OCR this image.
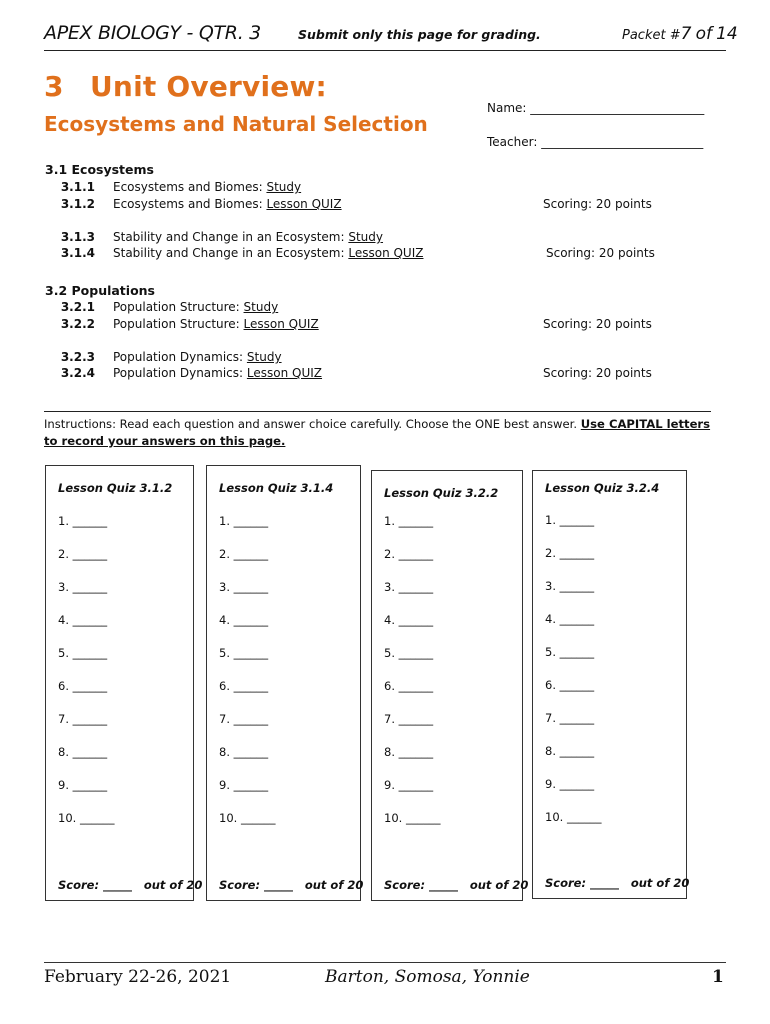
APEX BIOLOGY - QTR. 3	Submit only this page for grading.	Packet #7 of 14
3 Unit Overview:
Ecosystems and Natural Selection
Name: _____________________________
Teacher: ___________________________
3.1 Ecosystems
3.1.1 Ecosystems and Biomes: Study
3.1.2 Ecosystems and Biomes: Lesson QUIZ	Scoring: 20 points
3.1.3 Stability and Change in an Ecosystem: Study
3.1.4 Stability and Change in an Ecosystem: Lesson QUIZ	Scoring: 20 points
3.2 Populations
3.2.1 Population Structure: Study
3.2.2 Population Structure: Lesson QUIZ	Scoring: 20 points
3.2.3 Population Dynamics: Study
3.2.4 Population Dynamics: Lesson QUIZ	Scoring: 20 points
Instructions: Read each question and answer choice carefully. Choose the ONE best answer. Use CAPITAL letters to record your answers on this page.
Lesson Quiz 3.1.2
1. ______
2. ______
3. ______
4. ______
5. ______
6. ______
7. ______
8. ______
9. ______
10. ______
Score: _____ out of 20
Lesson Quiz 3.1.4
1. ______
2. ______
3. ______
4. ______
5. ______
6. ______
7. ______
8. ______
9. ______
10. ______
Score: _____ out of 20
Lesson Quiz 3.2.2
1. ______
2. ______
3. ______
4. ______
5. ______
6. ______
7. ______
8. ______
9. ______
10. ______
Score: _____ out of 20
Lesson Quiz 3.2.4
1. ______
2. ______
3. ______
4. ______
5. ______
6. ______
7. ______
8. ______
9. ______
10. ______
Score: _____ out of 20
February 22-26, 2021	Barton, Somosa, Yonnie	1
